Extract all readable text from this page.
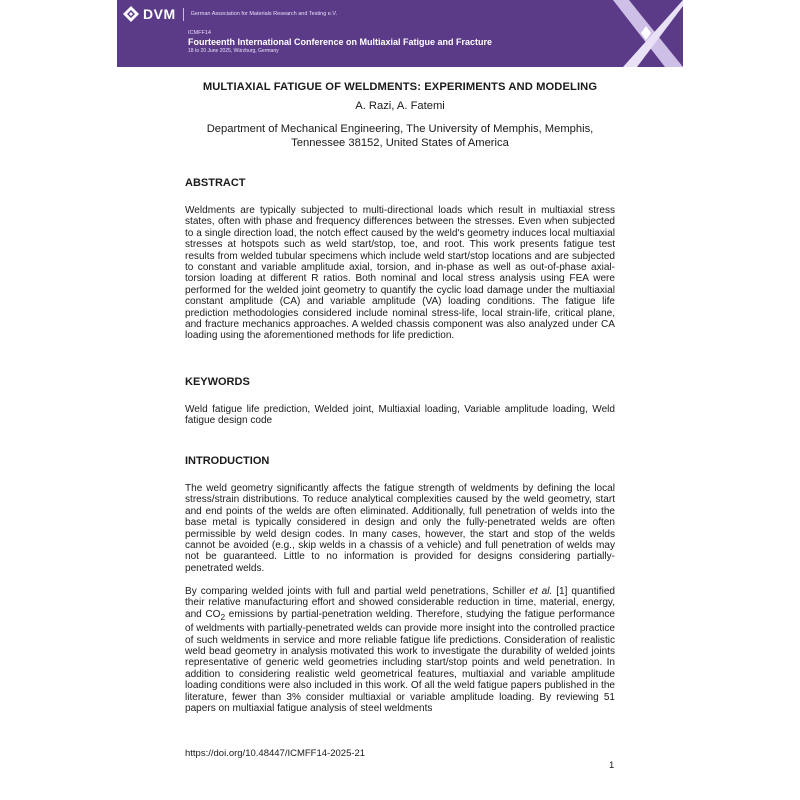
DVM	German Association for Materials Research and Testing e.V.
ICMFF14
Fourteenth International Conference on Multiaxial Fatigue and Fracture
18 to 20 June 2025, Würzburg, Germany
MULTIAXIAL FATIGUE OF WELDMENTS: EXPERIMENTS AND MODELING
A. Razi, A. Fatemi
Department of Mechanical Engineering, The University of Memphis, Memphis, Tennessee 38152, United States of America
ABSTRACT
Weldments are typically subjected to multi-directional loads which result in multiaxial stress states, often with phase and frequency differences between the stresses. Even when subjected to a single direction load, the notch effect caused by the weld's geometry induces local multiaxial stresses at hotspots such as weld start/stop, toe, and root. This work presents fatigue test results from welded tubular specimens which include weld start/stop locations and are subjected to constant and variable amplitude axial, torsion, and in-phase as well as out-of-phase axial-torsion loading at different R ratios. Both nominal and local stress analysis using FEA were performed for the welded joint geometry to quantify the cyclic load damage under the multiaxial constant amplitude (CA) and variable amplitude (VA) loading conditions. The fatigue life prediction methodologies considered include nominal stress-life, local strain-life, critical plane, and fracture mechanics approaches. A welded chassis component was also analyzed under CA loading using the aforementioned methods for life prediction.
KEYWORDS
Weld fatigue life prediction, Welded joint, Multiaxial loading, Variable amplitude loading, Weld fatigue design code
INTRODUCTION
The weld geometry significantly affects the fatigue strength of weldments by defining the local stress/strain distributions. To reduce analytical complexities caused by the weld geometry, start and end points of the welds are often eliminated. Additionally, full penetration of welds into the base metal is typically considered in design and only the fully-penetrated welds are often permissible by weld design codes. In many cases, however, the start and stop of the welds cannot be avoided (e.g., skip welds in a chassis of a vehicle) and full penetration of welds may not be guaranteed. Little to no information is provided for designs considering partially-penetrated welds.
By comparing welded joints with full and partial weld penetrations, Schiller et al. [1] quantified their relative manufacturing effort and showed considerable reduction in time, material, energy, and $CO_2$ emissions by partial-penetration welding. Therefore, studying the fatigue performance of weldments with partially-penetrated welds can provide more insight into the controlled practice of such weldments in service and more reliable fatigue life predictions. Consideration of realistic weld bead geometry in analysis motivated this work to investigate the durability of welded joints representative of generic weld geometries including start/stop points and weld penetration. In addition to considering realistic weld geometrical features, multiaxial and variable amplitude loading conditions were also included in this work. Of all the weld fatigue papers published in the literature, fewer than 3% consider multiaxial or variable amplitude loading. By reviewing 51 papers on multiaxial fatigue analysis of steel weldments
https://doi.org/10.48447/ICMFF14-2025-21
1
